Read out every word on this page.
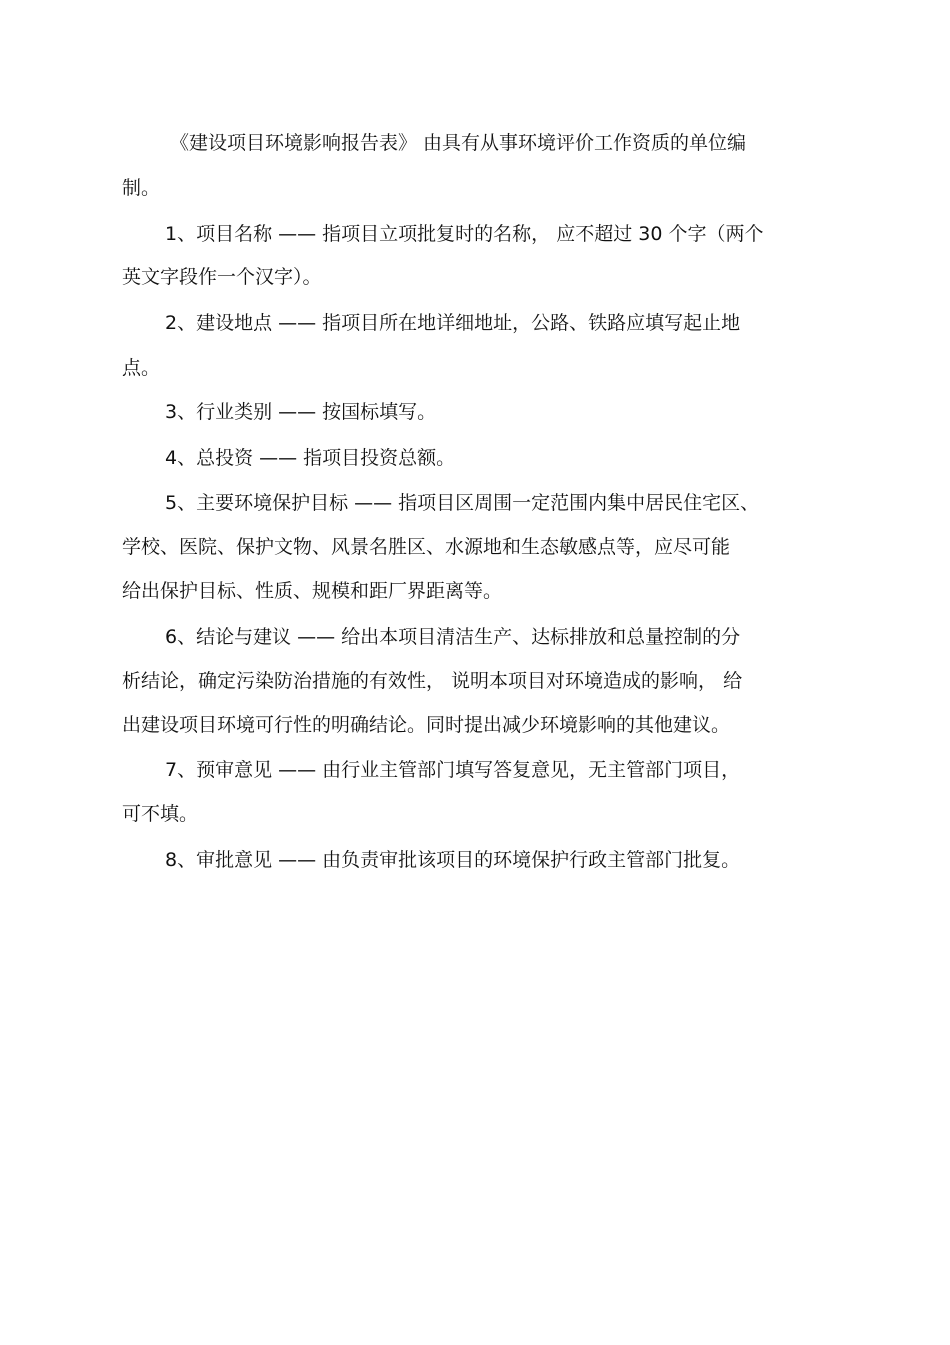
《建设项目环境影响报告表》 由具有从事环境评价工作资质的单位编
制。
1、项目名称 —— 指项目立项批复时的名称， 应不超过 30 个字（两个
英文字段作一个汉字）。
2、建设地点 —— 指项目所在地详细地址，公路、铁路应填写起止地
点。
3、行业类别 —— 按国标填写。
4、总投资 —— 指项目投资总额。
5、主要环境保护目标 —— 指项目区周围一定范围内集中居民住宅区、
学校、医院、保护文物、风景名胜区、水源地和生态敏感点等，应尽可能
给出保护目标、性质、规模和距厂界距离等。
6、结论与建议 —— 给出本项目清洁生产、达标排放和总量控制的分
析结论，确定污染防治措施的有效性， 说明本项目对环境造成的影响， 给
出建设项目环境可行性的明确结论。同时提出减少环境影响的其他建议。
7、预审意见 —— 由行业主管部门填写答复意见，无主管部门项目，
可不填。
8、审批意见 —— 由负责审批该项目的环境保护行政主管部门批复。
